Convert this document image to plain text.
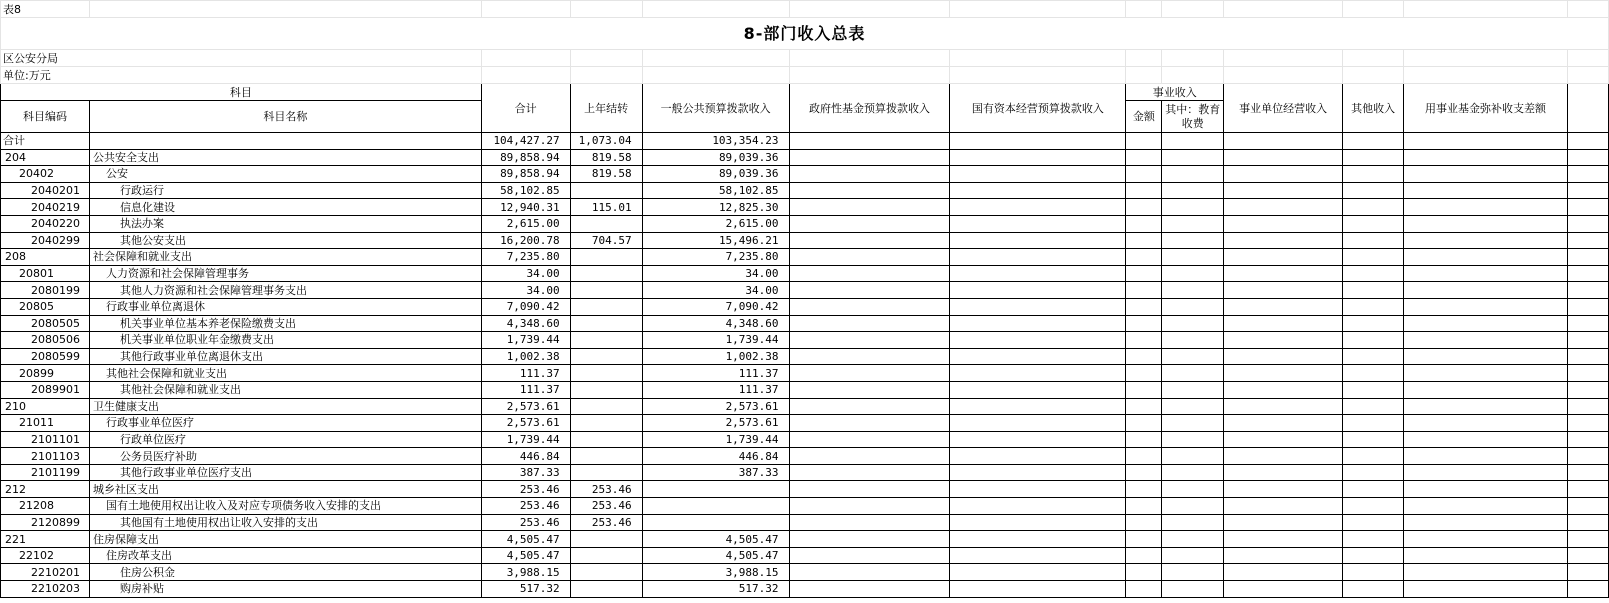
表8												
8-部门收入总表												
区公安分局												
单位:万元												
科目		合计	上年结转	一般公共预算拨款收入	政府性基金预算拨款收入	国有资本经营预算拨款收入	事业收入		事业单位经营收入	其他收入	用事业基金弥补收支差额	
科目编码	科目名称						金额	其中：教育收费				
合计		104,427.27	1,073.04	103,354.23								
204	公共安全支出	89,858.94	819.58	89,039.36								
20402	公安	89,858.94	819.58	89,039.36								
2040201	行政运行	58,102.85		58,102.85								
2040219	信息化建设	12,940.31	115.01	12,825.30								
2040220	执法办案	2,615.00		2,615.00								
2040299	其他公安支出	16,200.78	704.57	15,496.21								
208	社会保障和就业支出	7,235.80		7,235.80								
20801	人力资源和社会保障管理事务	34.00		34.00								
2080199	其他人力资源和社会保障管理事务支出	34.00		34.00								
20805	行政事业单位离退休	7,090.42		7,090.42								
2080505	机关事业单位基本养老保险缴费支出	4,348.60		4,348.60								
2080506	机关事业单位职业年金缴费支出	1,739.44		1,739.44								
2080599	其他行政事业单位离退休支出	1,002.38		1,002.38								
20899	其他社会保障和就业支出	111.37		111.37								
2089901	其他社会保障和就业支出	111.37		111.37								
210	卫生健康支出	2,573.61		2,573.61								
21011	行政事业单位医疗	2,573.61		2,573.61								
2101101	行政单位医疗	1,739.44		1,739.44								
2101103	公务员医疗补助	446.84		446.84								
2101199	其他行政事业单位医疗支出	387.33		387.33								
212	城乡社区支出	253.46	253.46									
21208	国有土地使用权出让收入及对应专项债务收入安排的支出	253.46	253.46									
2120899	其他国有土地使用权出让收入安排的支出	253.46	253.46									
221	住房保障支出	4,505.47		4,505.47								
22102	住房改革支出	4,505.47		4,505.47								
2210201	住房公积金	3,988.15		3,988.15								
2210203	购房补贴	517.32		517.32								
